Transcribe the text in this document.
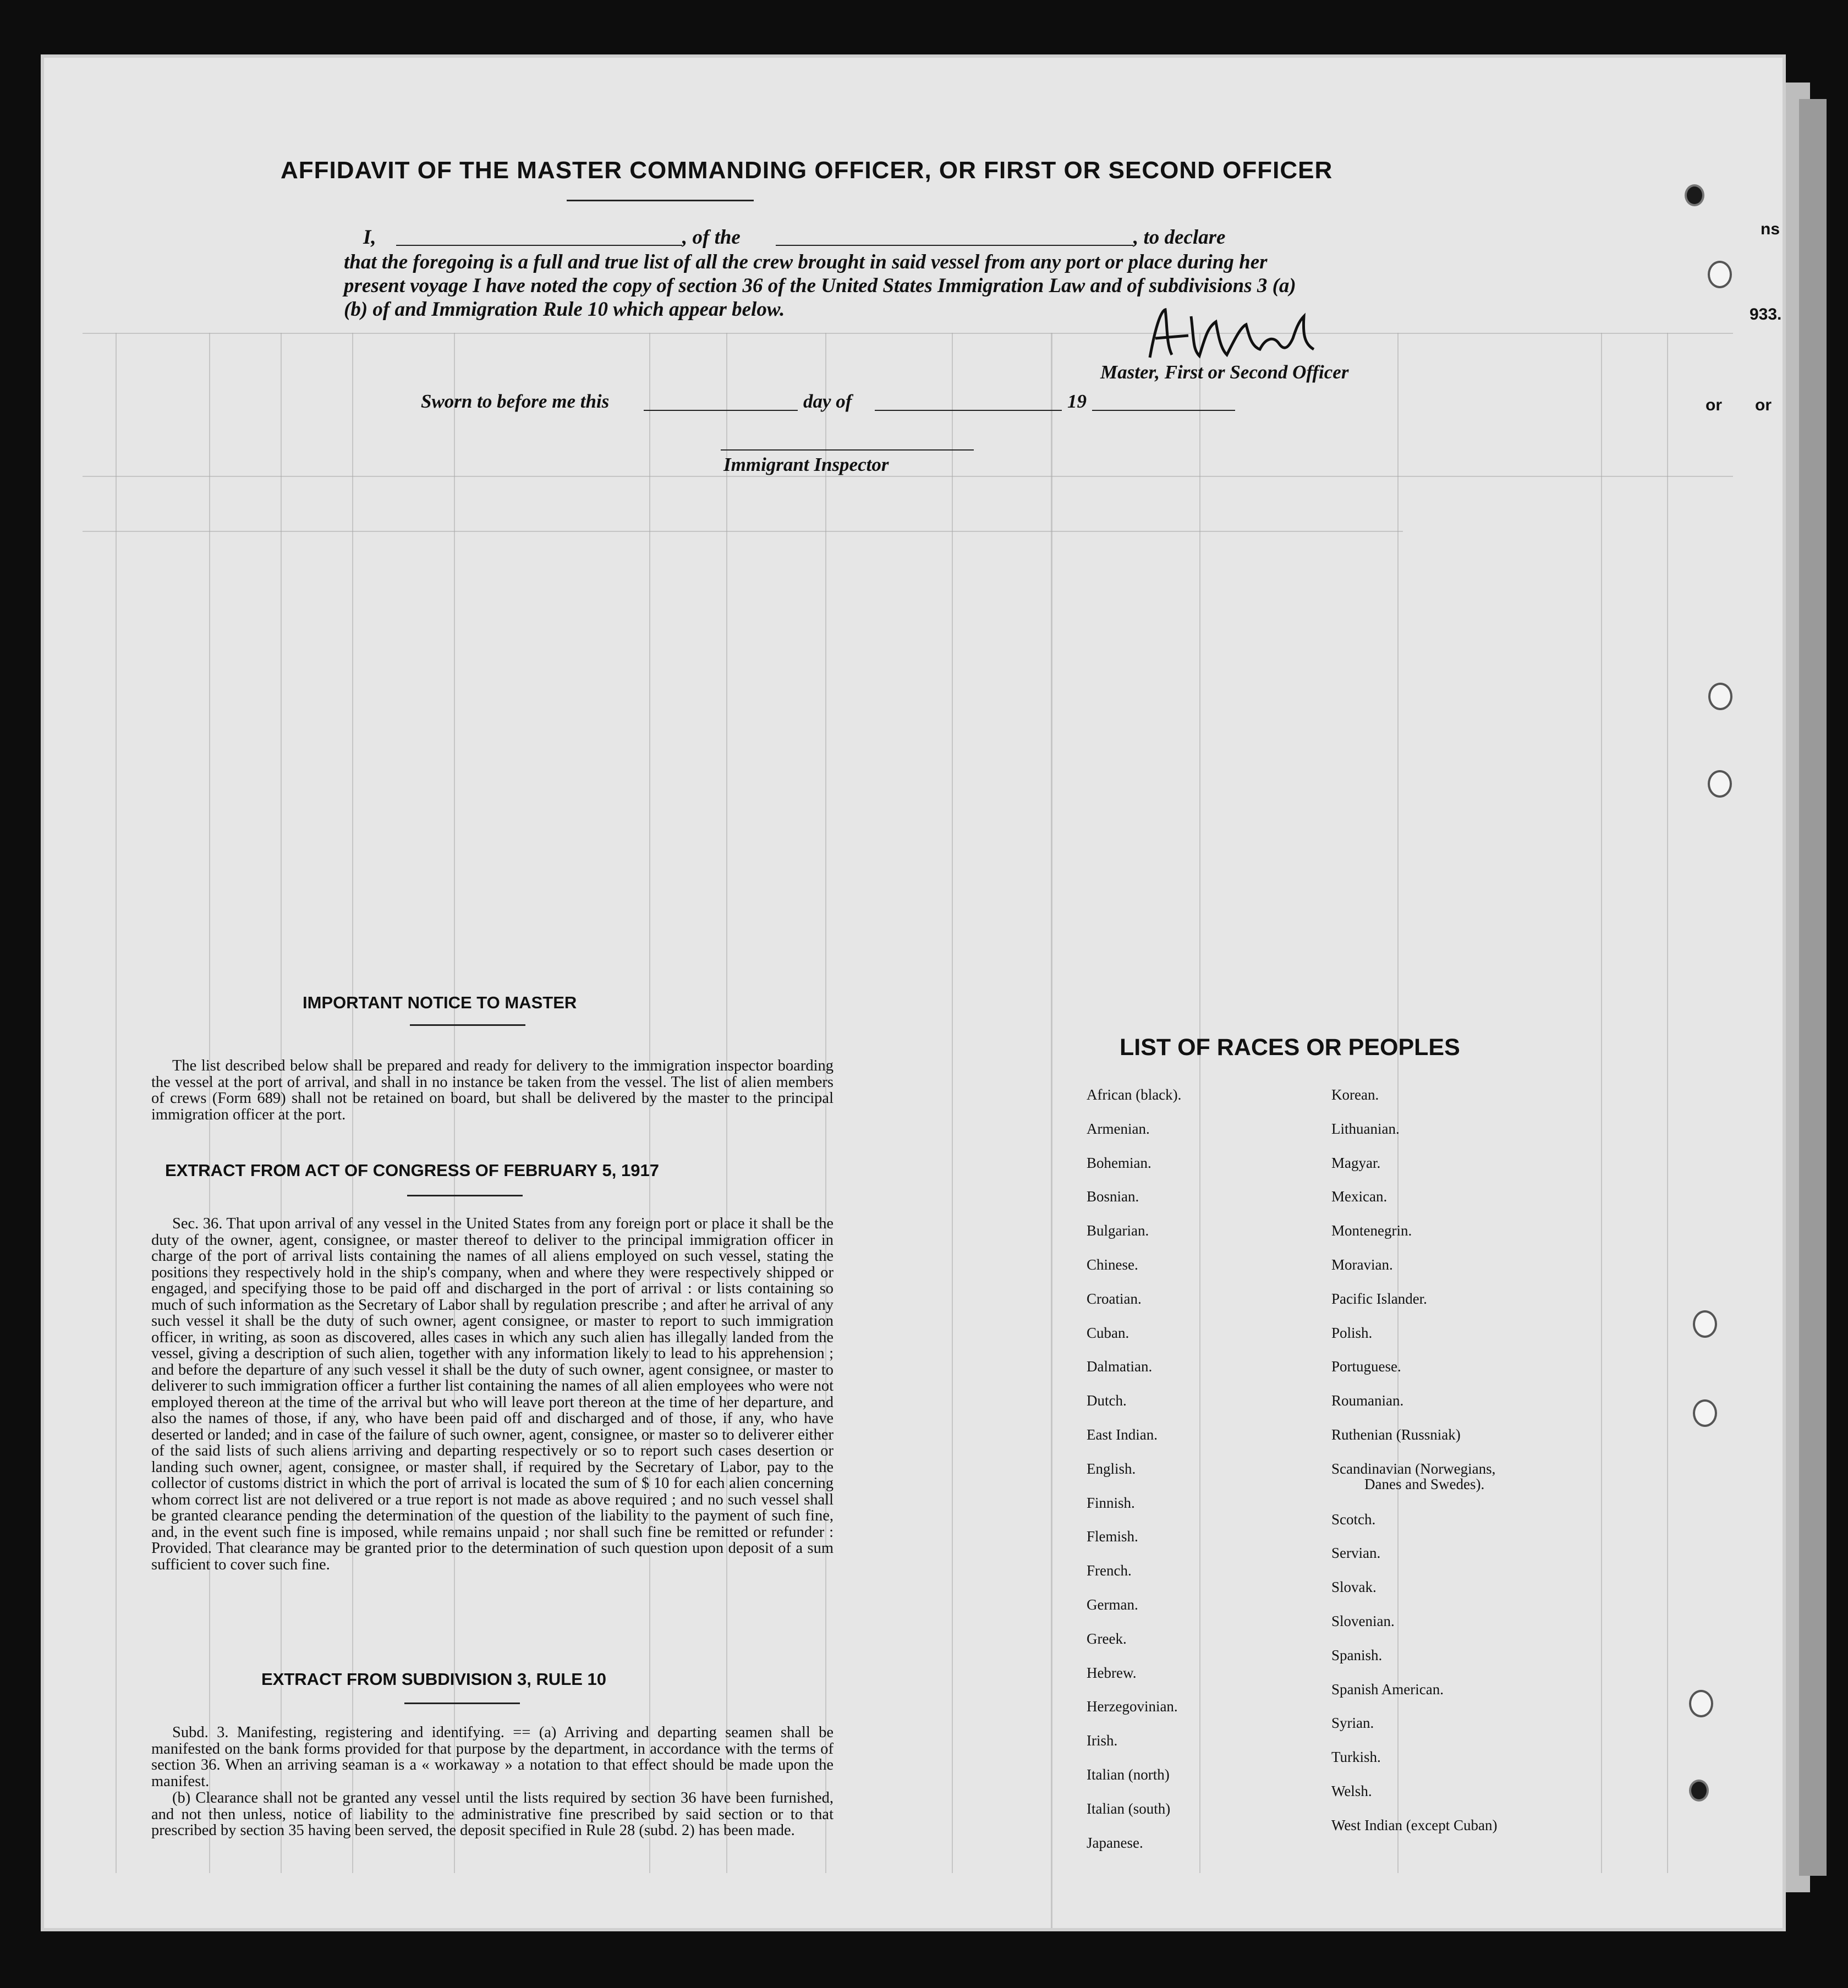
AFFIDAVIT OF THE MASTER COMMANDING OFFICER, OR FIRST OR SECOND OFFICER
I,	, of the	, to declare
that the foregoing is a full and true list of all the crew brought in said vessel from any port or place during her
present voyage I have noted the copy of section 36 of the United States Immigration Law and of subdivisions 3 (a)
(b) of and Immigration Rule 10 which appear below.
Master, First or Second Officer
Sworn to before me this	day of	19
Immigrant Inspector
IMPORTANT NOTICE TO MASTER
The list described below shall be prepared and ready for delivery to the immigration inspector boarding the vessel at the port of arrival, and shall in no instance be taken from the vessel. The list of alien members of crews (Form 689) shall not be retained on board, but shall be delivered by the master to the principal immigration officer at the port.
EXTRACT FROM ACT OF CONGRESS OF FEBRUARY 5, 1917
Sec. 36. That upon arrival of any vessel in the United States from any foreign port or place it shall be the duty of the owner, agent, consignee, or master thereof to deliver to the principal immigration officer in charge of the port of arrival lists containing the names of all aliens employed on such vessel, stating the positions they respectively hold in the ship's company, when and where they were respectively shipped or engaged, and specifying those to be paid off and discharged in the port of arrival : or lists containing so much of such information as the Secretary of Labor shall by regulation prescribe ; and after he arrival of any such vessel it shall be the duty of such owner, agent consignee, or master to report to such immigration officer, in writing, as soon as discovered, alles cases in which any such alien has illegally landed from the vessel, giving a description of such alien, together with any information likely to lead to his apprehension ; and before the departure of any such vessel it shall be the duty of such owner, agent consignee, or master to deliverer to such immigration officer a further list containing the names of all alien employees who were not employed thereon at the time of the arrival but who will leave port thereon at the time of her departure, and also the names of those, if any, who have been paid off and discharged and of those, if any, who have deserted or landed; and in case of the failure of such owner, agent, consignee, or master so to deliverer either of the said lists of such aliens arriving and departing respectively or so to report such cases desertion or landing such owner, agent, consignee, or master shall, if required by the Secretary of Labor, pay to the collector of customs district in which the port of arrival is located the sum of $ 10 for each alien concerning whom correct list are not delivered or a true report is not made as above required ; and no such vessel shall be granted clearance pending the determination of the question of the liability to the payment of such fine, and, in the event such fine is imposed, while remains unpaid ; nor shall such fine be remitted or refunder : Provided. That clearance may be granted prior to the determination of such question upon deposit of a sum sufficient to cover such fine.
EXTRACT FROM SUBDIVISION 3, RULE 10
Subd. 3. Manifesting, registering and identifying. == (a) Arriving and departing seamen shall be manifested on the bank forms provided for that purpose by the department, in accordance with the terms of section 36. When an arriving seaman is a « workaway » a notation to that effect should be made upon the manifest.
(b) Clearance shall not be granted any vessel until the lists required by section 36 have been furnished, and not then unless, notice of liability to the administrative fine prescribed by said section or to that prescribed by section 35 having been served, the deposit specified in Rule 28 (subd. 2) has been made.
LIST OF RACES OR PEOPLES
ns
or or
933.
African (black).
Armenian.
Bohemian.
Bosnian.
Bulgarian.
Chinese.
Croatian.
Cuban.
Dalmatian.
Dutch.
East Indian.
English.
Finnish.
Flemish.
French.
German.
Greek.
Hebrew.
Herzegovinian.
Irish.
Italian (north)
Italian (south)
Japanese.
Korean.
Lithuanian.
Magyar.
Mexican.
Montenegrin.
Moravian.
Pacific Islander.
Polish.
Portuguese.
Roumanian.
Ruthenian (Russniak)
Scandinavian (Norwegians,
Danes and Swedes).
Scotch.
Servian.
Slovak.
Slovenian.
Spanish.
Spanish American.
Syrian.
Turkish.
Welsh.
West Indian (except Cuban)
